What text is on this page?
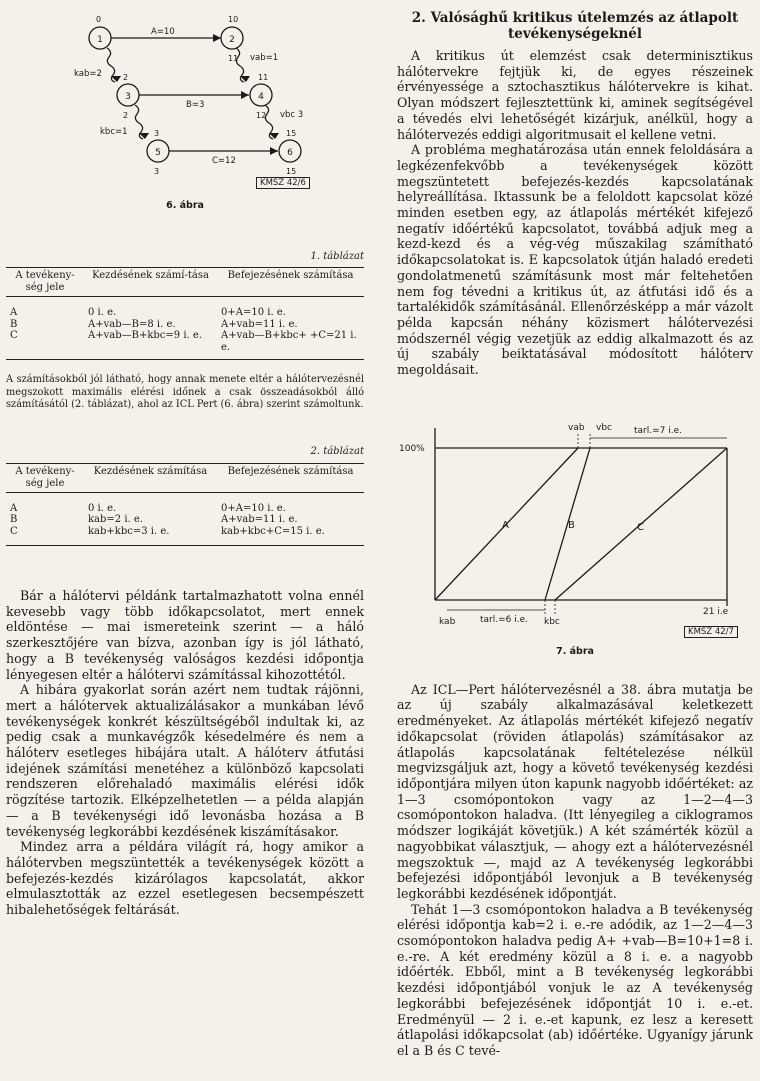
1	2
3	4
5	6
0	10
11
2
2
11
12
3
3
15
15
A=10
B=3
C=12
kab=2
vab=1
kbc=1
vbc 3
KMSZ 42/6
6. ábra
1. táblázat
A tevékeny-ség jele	Kezdésének számí-tása	Befejezésének számítása
A	0 i. e.	0+A=10 i. e.
B	A+vab—B=8 i. e.	A+vab=11 i. e.
C	A+vab—B+kbc=9 i. e.	A+vab—B+kbc+ +C=21 i. e.

A számításokból jól látható, hogy annak menete eltér a hálótervezésnél megszokott maximális elérési időnek a csak összeadásokból álló számításától (2. táblázat), ahol az ICL Pert (6. ábra) szerint számoltunk.

2. táblázat
A tevékeny-ség jele	Kezdésének számítása	Befejezésének számítása
A	0 i. e.	0+A=10 i. e.
B	kab=2 i. e.	A+vab=11 i. e.
C	kab+kbc=3 i. e.	kab+kbc+C=15 i. e.

Bár a hálótervi példánk tartalmazhatott volna ennél kevesebb vagy több időkapcsolatot, mert ennek eldöntése — mai ismereteink szerint — a háló szerkesztőjére van bízva, azonban így is jól látható, hogy a B tevékenység valóságos kezdési időpontja lényegesen eltér a hálótervi számítással kihozottétól.

A hibára gyakorlat során azért nem tudtak rájönni, mert a hálótervek aktualizálásakor a munkában lévő tevékenységek konkrét készültségéből indultak ki, az pedig csak a munkavégzők késedelmére és nem a hálóterv esetleges hibájára utalt. A hálóterv átfutási idejének számítási menetéhez a különböző kapcsolati rendszeren előrehaladó maximális elérési idők rögzítése tartozik. Elképzelhetetlen — a példa alapján — a B tevékenységi idő levonásba hozása a B tevékenység legkorábbi kezdésének kiszámításakor.

Mindez arra a példára világít rá, hogy amikor a hálótervben megszüntették a tevékenységek között a befejezés-kezdés kizárólagos kapcsolatát, akkor elmulasztották az ezzel esetlegesen becsempészett hibalehetőségek feltárását.

2. Valósághű kritikus útelemzés az átlapolt tevékenységeknél

A kritikus út elemzést csak determinisztikus hálótervekre fejtjük ki, de egyes részeinek érvényessége a sztochasztikus hálótervekre is kihat. Olyan módszert fejlesztettünk ki, aminek segítségével a tévedés elvi lehetőségét kizárjuk, anélkül, hogy a hálótervezés eddigi algoritmusait el kellene vetni.

A probléma meghatározása után ennek feloldására a legkézenfekvőbb a tevékenységek között megszüntetett befejezés-kezdés kapcsolatának helyreállítása. Iktassunk be a feloldott kapcsolat közé minden esetben egy, az átlapolás mértékét kifejező negatív időértékű kapcsolatot, továbbá adjuk meg a kezd-kezd és a vég-vég műszakilag számítható időkapcsolatokat is. E kapcsolatok útján haladó eredeti gondolatmenetű számításunk most már feltehetően nem fog tévedni a kritikus út, az átfutási idő és a tartalékidők számításánál. Ellenőrzésképp a már vázolt példa kapcsán néhány közismert hálótervezési módszernél végig vezetjük az eddig alkalmazott és az új szabály beiktatásával módosított hálóterv megoldásait.

100%
21 i.e
tarl.=7 i.e.
tarl.=6 i.e.
vab vbc
kab	kbc
A	B	C
KMSZ 42/7
7. ábra

Az ICL—Pert hálótervezésnél a 38. ábra mutatja be az új szabály alkalmazásával keletkezett eredményeket. Az átlapolás mértékét kifejező negatív időkapcsolat (röviden átlapolás) számításakor az átlapolás kapcsolatának feltételezése nélkül megvizsgáljuk azt, hogy a követő tevékenység kezdési időpontjára milyen úton kapunk nagyobb időértéket: az 1—3 csomópontokon vagy az 1—2—4—3 csomópontokon haladva. (Itt lényegileg a ciklogramos módszer logikáját követjük.) A két számérték közül a nagyobbikat választjuk, — ahogy ezt a hálótervezésnél megszoktuk —, majd az A tevékenység legkorábbi befejezési időpontjából levonjuk a B tevékenység legkorábbi kezdésének időpontját.

Tehát 1—3 csomópontokon haladva a B tevékenység elérési időpontja kab=2 i. e.-re adódik, az 1—2—4—3 csomópontokon haladva pedig A+ +vab—B=10+1=8 i. e.-re. A két eredmény közül a 8 i. e. a nagyobb időérték. Ebből, mint a B tevékenység legkorábbi kezdési időpontjából vonjuk le az A tevékenység legkorábbi befejezésének időpontját 10 i. e.-et. Eredményül — 2 i. e.-et kapunk, ez lesz a keresett átlapolási időkapcsolat (ab) időértéke. Ugyanígy járunk el a B és C tevé-
